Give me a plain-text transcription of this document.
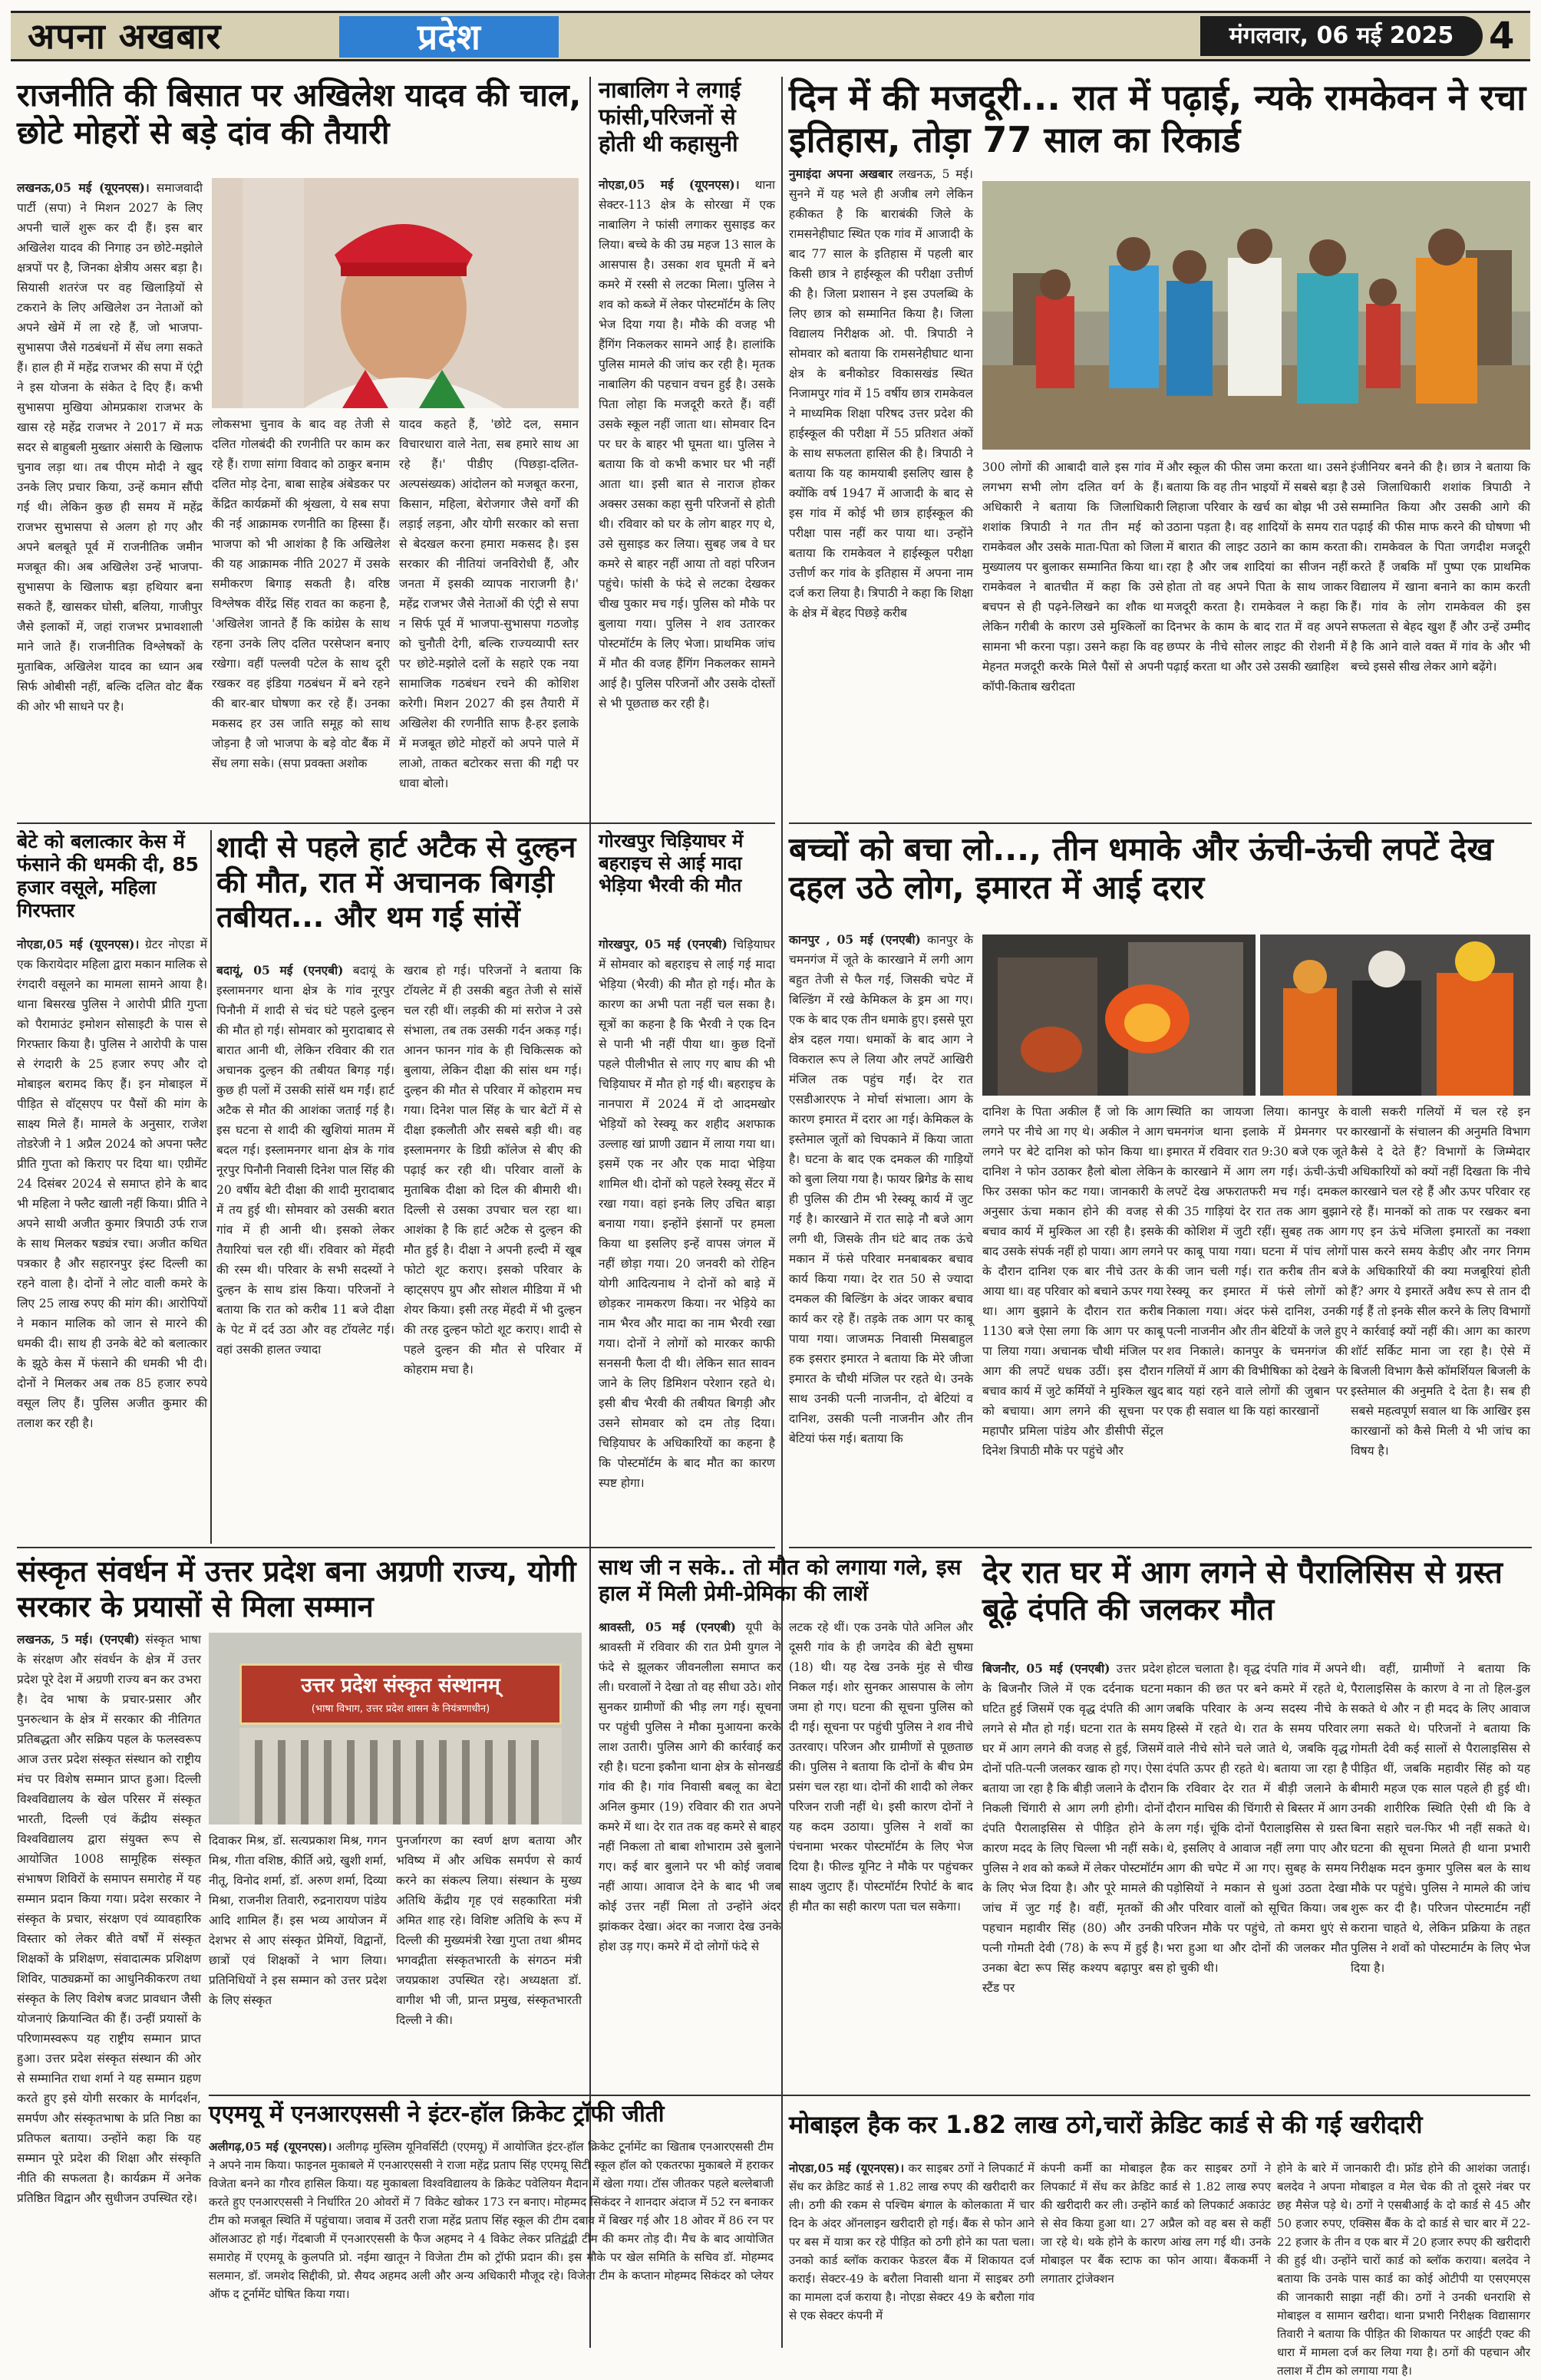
अपना अखबार	प्रदेश	मंगलवार, 06 मई 2025 4
राजनीति की बिसात पर अखिलेश यादव की चाल, छोटे मोहरों से बड़े दांव की तैयारी
लखनऊ,05 मई (यूएनएस)। समाजवादी पार्टी (सपा) ने मिशन 2027 के लिए अपनी चालें शुरू कर दी हैं। इस बार अखिलेश यादव की निगाह उन छोटे-मझोले क्षत्रपों पर है, जिनका क्षेत्रीय असर बड़ा है। सियासी शतरंज पर वह खिलाड़ियों से टकराने के लिए अखिलेश उन नेताओं को अपने खेमें में ला रहे हैं, जो भाजपा-सुभासपा जैसे गठबंधनों में सेंध लगा सकते हैं। हाल ही में महेंद्र राजभर की सपा में एंट्री ने इस योजना के संकेत दे दिए हैं। कभी सुभासपा मुखिया ओमप्रकाश राजभर के खास रहे महेंद्र राजभर ने 2017 में मऊ सदर से बाहुबली मुख्तार अंसारी के खिलाफ चुनाव लड़ा था। तब पीएम मोदी ने खुद उनके लिए प्रचार किया, उन्हें कमान सौंपी गई थी। लेकिन कुछ ही समय में महेंद्र राजभर सुभासपा से अलग हो गए और अपने बलबूते पूर्व में राजनीतिक जमीन मजबूत की। अब अखिलेश उन्हें भाजपा-सुभासपा के खिलाफ बड़ा हथियार बना सकते हैं, खासकर घोसी, बलिया, गाजीपुर जैसे इलाकों में, जहां राजभर प्रभावशाली माने जाते हैं। राजनीतिक विश्लेषकों के मुताबिक, अखिलेश यादव का ध्यान अब सिर्फ ओबीसी नहीं, बल्कि दलित वोट बैंक की ओर भी साधने पर है।
लोकसभा चुनाव के बाद वह तेजी से दलित गोलबंदी की रणनीति पर काम कर रहे हैं। राणा सांगा विवाद को ठाकुर बनाम दलित मोड़ देना, बाबा साहेब अंबेडकर पर केंद्रित कार्यक्रमों की श्रृंखला, ये सब सपा की नई आक्रामक रणनीति का हिस्सा हैं। भाजपा को भी आशंका है कि अखिलेश की यह आक्रामक नीति 2027 में उसके समीकरण बिगाड़ सकती है। वरिष्ठ विश्लेषक वीरेंद्र सिंह रावत का कहना है, 'अखिलेश जानते हैं कि कांग्रेस के साथ रहना उनके लिए दलित परसेप्शन बनाए रखेगा। वहीं पल्लवी पटेल के साथ दूरी रखकर वह इंडिया गठबंधन में बने रहने की बार-बार घोषणा कर रहे हैं। उनका मकसद हर उस जाति समूह को साथ जोड़ना है जो भाजपा के बड़े वोट बैंक में सेंध लगा सके। (सपा प्रवक्ता अशोक
यादव कहते हैं, 'छोटे दल, समान विचारधारा वाले नेता, सब हमारे साथ आ रहे हैं।' पीडीए (पिछड़ा-दलित-अल्पसंख्यक) आंदोलन को मजबूत करना, किसान, महिला, बेरोजगार जैसे वर्गों की लड़ाई लड़ना, और योगी सरकार को सत्ता से बेदखल करना हमारा मकसद है। इस सरकार की नीतियां जनविरोधी हैं, और जनता में इसकी व्यापक नाराजगी है।' महेंद्र राजभर जैसे नेताओं की एंट्री से सपा न सिर्फ पूर्व में भाजपा-सुभासपा गठजोड़ को चुनौती देगी, बल्कि राज्यव्यापी स्तर पर छोटे-मझोले दलों के सहारे एक नया सामाजिक गठबंधन रचने की कोशिश करेगी। मिशन 2027 की इस तैयारी में अखिलेश की रणनीति साफ है-हर इलाके में मजबूत छोटे मोहरों को अपने पाले में लाओ, ताकत बटोरकर सत्ता की गद्दी पर धावा बोलो।
नाबालिग ने लगाई फांसी,परिजनों से होती थी कहासुनी
नोएडा,05 मई (यूएनएस)। थाना सेक्टर-113 क्षेत्र के सोरखा में एक नाबालिग ने फांसी लगाकर सुसाइड कर लिया। बच्चे के की उम्र महज 13 साल के आसपास है। उसका शव घूमती में बने कमरे में रस्सी से लटका मिला। पुलिस ने शव को कब्जे में लेकर पोस्टमॉर्टम के लिए भेज दिया गया है। मौके की वजह भी हैंगिंग निकलकर सामने आई है। हालांकि पुलिस मामले की जांच कर रही है। मृतक नाबालिग की पहचान वचन हुई है। उसके पिता लोहा कि मजदूरी करते हैं। वहीं उसके स्कूल नहीं जाता था। सोमवार दिन पर घर के बाहर भी घूमता था। पुलिस ने बताया कि वो कभी कभार घर भी नहीं आता था। इसी बात से नाराज होकर अक्सर उसका कहा सुनी परिजनों से होती थी। रविवार को घर के लोग बाहर गए थे, उसे सुसाइड कर लिया। सुबह जब वे घर कमरे से बाहर नहीं आया तो वहां परिजन पहुंचे। फांसी के फंदे से लटका देखकर चीख पुकार मच गई। पुलिस को मौके पर बुलाया गया। पुलिस ने शव उतारकर पोस्टमॉर्टम के लिए भेजा। प्राथमिक जांच में मौत की वजह हैंगिंग निकलकर सामने आई है। पुलिस परिजनों और उसके दोस्तों से भी पूछताछ कर रही है।
दिन में की मजदूरी... रात में पढ़ाई, न्‍यके रामकेवन ने रचा इतिहास, तोड़ा 77 साल का रिकार्ड
नुमाइंदा अपना अखबार लखनऊ, 5 मई। सुनने में यह भले ही अजीब लगे लेकिन हकीकत है कि बाराबंकी जिले के रामसनेहीघाट स्थित एक गांव में आजादी के बाद 77 साल के इतिहास में पहली बार किसी छात्र ने हाईस्कूल की परीक्षा उत्तीर्ण की है। जिला प्रशासन ने इस उपलब्धि के लिए छात्र को सम्मानित किया है। जिला विद्यालय निरीक्षक ओ. पी. त्रिपाठी ने सोमवार को बताया कि रामसनेहीघाट थाना क्षेत्र के बनीकोडर विकासखंड स्थित निजामपुर गांव में 15 वर्षीय छात्र रामकेवल ने माध्यमिक शिक्षा परिषद उत्तर प्रदेश की हाईस्कूल की परीक्षा में 55 प्रतिशत अंकों के साथ सफलता हासिल की है। त्रिपाठी ने बताया कि यह कामयाबी इसलिए खास है क्योंकि वर्ष 1947 में आजादी के बाद से इस गांव में कोई भी छात्र हाईस्कूल की परीक्षा पास नहीं कर पाया था। उन्होंने बताया कि रामकेवल ने हाईस्कूल परीक्षा उत्तीर्ण कर गांव के इतिहास में अपना नाम दर्ज करा लिया है। त्रिपाठी ने कहा कि शिक्षा के क्षेत्र में बेहद पिछड़े करीब
300 लोगों की आबादी वाले इस गांव में लगभग सभी लोग दलित वर्ग के हैं। अधिकारी ने बताया कि जिलाधिकारी शशांक त्रिपाठी ने गत तीन मई को रामकेवल और उसके माता-पिता को जिला मुख्यालय पर बुलाकर सम्मानित किया था। रामकेवल ने बातचीत में कहा कि उसे बचपन से ही पढ़ने-लिखने का शौक था लेकिन गरीबी के कारण उसे मुश्किलों का सामना भी करना पड़ा। उसने कहा कि वह मेहनत मजदूरी करके मिले पैसों से अपनी कॉपी-किताब खरीदता
और स्कूल की फीस जमा करता था। उसने बताया कि वह तीन भाइयों में सबसे बड़ा है लिहाजा परिवार के खर्च का बोझ भी उसे उठाना पड़ता है। वह शादियों के समय रात में बारात की लाइट उठाने का काम करता रहा है और जब शादियां का सीजन नहीं होता तो वह अपने पिता के साथ जाकर मजदूरी करता है। रामकेवल ने कहा कि दिनभर के काम के बाद रात में वह अपने छप्पर के नीचे सोलर लाइट की रोशनी में पढ़ाई करता था और उसे उसकी ख्वाहिश
इंजीनियर बनने की है। छात्र ने बताया कि उसे जिलाधिकारी शशांक त्रिपाठी ने सम्मानित किया और उसकी आगे की पढ़ाई की फीस माफ करने की घोषणा भी की। रामकेवल के पिता जगदीश मजदूरी करते हैं जबकि माँ पुष्पा एक प्राथमिक विद्यालय में खाना बनाने का काम करती हैं। गांव के लोग रामकेवल की इस सफलता से बेहद खुश हैं और उन्हें उम्मीद है कि आने वाले वक्त में गांव के और भी बच्चे इससे सीख लेकर आगे बढ़ेंगे।
बेटे को बलात्कार केस में फंसाने की धमकी दी, 85 हजार वसूले, महिला गिरफ्तार
नोएडा,05 मई (यूएनएस)। ग्रेटर नोएडा में एक किरायेदार महिला द्वारा मकान मालिक से रंगदारी वसूलने का मामला सामने आया है। थाना बिसरख पुलिस ने आरोपी प्रीति गुप्ता को पैरामाउंट इमोशन सोसाइटी के पास से गिरफ्तार किया है। पुलिस ने आरोपी के पास से रंगदारी के 25 हजार रुपए और दो मोबाइल बरामद किए हैं। इन मोबाइल में पीड़ित से वॉट्सएप पर पैसों की मांग के साक्ष्य मिले हैं। मामले के अनुसार, राजेश तोडरेजी ने 1 अप्रैल 2024 को अपना फ्लैट प्रीति गुप्ता को किराए पर दिया था। एग्रीमेंट 24 दिसंबर 2024 से समाप्त होने के बाद भी महिला ने फ्लैट खाली नहीं किया। प्रीति ने अपने साथी अजीत कुमार त्रिपाठी उर्फ राज के साथ मिलकर षड्यंत्र रचा। अजीत कथित पत्रकार है और सहारनपुर इंस्ट दिल्ली का रहने वाला है। दोनों ने लोट वाली कमरे के लिए 25 लाख रुपए की मांग की। आरोपियों ने मकान मालिक को जान से मारने की धमकी दी। साथ ही उनके बेटे को बलात्कार के झूठे केस में फंसाने की धमकी भी दी। दोनों ने मिलकर अब तक 85 हजार रुपये वसूल लिए हैं। पुलिस अजीत कुमार की तलाश कर रही है।
शादी से पहले हार्ट अटैक से दुल्हन की मौत, रात में अचानक बिगड़ी तबीयत... और थम गई सांसें
बदायूं, 05 मई (एनएबी) बदायूं के इस्लामनगर थाना क्षेत्र के गांव नूरपुर पिनौनी में शादी से चंद घंटे पहले दुल्हन की मौत हो गई। सोमवार को मुरादाबाद से बारात आनी थी, लेकिन रविवार की रात अचानक दुल्हन की तबीयत बिगड़ गई। कुछ ही पलों में उसकी सांसें थम गईं। हार्ट अटैक से मौत की आशंका जताई गई है। इस घटना से शादी की खुशियां मातम में बदल गई। इस्लामनगर थाना क्षेत्र के गांव नूरपुर पिनौनी निवासी दिनेश पाल सिंह की 20 वर्षीय बेटी दीक्षा की शादी मुरादाबाद में तय हुई थी। सोमवार को उसकी बरात गांव में ही आनी थी। इसको लेकर तैयारियां चल रही थीं। रविवार को मेंहदी की रस्म थी। परिवार के सभी सदस्यों ने दुल्हन के साथ डांस किया। परिजनों ने बताया कि रात को करीब 11 बजे दीक्षा के पेट में दर्द उठा और वह टॉयलेट गई। वहां उसकी हालत ज्यादा
खराब हो गई। परिजनों ने बताया कि टॉयलेट में ही उसकी बहुत तेजी से सांसें चल रही थीं। लड़की की मां सरोज ने उसे संभाला, तब तक उसकी गर्दन अकड़ गई। आनन फानन गांव के ही चिकित्सक को बुलाया, लेकिन दीक्षा की सांस थम गई। दुल्हन की मौत से परिवार में कोहराम मच गया। दिनेश पाल सिंह के चार बेटों में से दीक्षा इकलौती और सबसे बड़ी थी। वह इस्लामनगर के डिग्री कॉलेज से बीए की पढ़ाई कर रही थी। परिवार वालों के मुताबिक दीक्षा को दिल की बीमारी थी। दिल्ली से उसका उपचार चल रहा था। आशंका है कि हार्ट अटैक से दुल्हन की मौत हुई है। दीक्षा ने अपनी हल्दी में खूब फोटो शूट कराए। इसको परिवार के व्हाट्सएप ग्रुप और सोशल मीडिया में भी शेयर किया। इसी तरह मेंहदी में भी दुल्हन की तरह दुल्हन फोटो शूट कराए। शादी से पहले दुल्हन की मौत से परिवार में कोहराम मचा है।
गोरखपुर चिड़ियाघर में बहराइच से आई मादा भेड़िया भैरवी की मौत
गोरखपुर, 05 मई (एनएबी) चिड़ियाघर में सोमवार को बहराइच से लाई गई मादा भेड़िया (भैरवी) की मौत हो गई। मौत के कारण का अभी पता नहीं चल सका है। सूत्रों का कहना है कि भैरवी ने एक दिन से पानी भी नहीं पीया था। कुछ दिनों पहले पीलीभीत से लाए गए बाघ की भी चिड़ियाघर में मौत हो गई थी। बहराइच के नानपारा में 2024 में दो आदमखोर भेड़ियों को रेस्क्यू कर शहीद अशफाक उल्लाह खां प्राणी उद्यान में लाया गया था। इसमें एक नर और एक मादा भेड़िया शामिल थी। दोनों को पहले रेस्क्यू सेंटर में रखा गया। वहां इनके लिए उचित बाड़ा बनाया गया। इन्होंने इंसानों पर हमला किया था इसलिए इन्हें वापस जंगल में नहीं छोड़ा गया। 20 जनवरी को रोहिन योगी आदित्यनाथ ने दोनों को बाड़े में छोड़कर नामकरण किया। नर भेड़िये का नाम भैरव और मादा का नाम भैरवी रखा गया। दोनों ने लोगों को मारकर काफी सनसनी फैला दी थी। लेकिन सात सावन जाने के लिए डिमिशन परेशान रहते थे। इसी बीच भैरवी की तबीयत बिगड़ी और उसने सोमवार को दम तोड़ दिया। चिड़ियाघर के अधिकारियों का कहना है कि पोस्टमॉर्टम के बाद मौत का कारण स्पष्ट होगा।
बच्चों को बचा लो..., तीन धमाके और ऊंची-ऊंची लपटें देख दहल उठे लोग, इमारत में आई दरार
कानपुर , 05 मई (एनएबी) कानपुर के चमनगंज में जूते के कारखाने में लगी आग बहुत तेजी से फैल गई, जिसकी चपेट में बिल्डिंग में रखे केमिकल के ड्रम आ गए। एक के बाद एक तीन धमाके हुए। इससे पूरा क्षेत्र दहल गया। धमाकों के बाद आग ने विकराल रूप ले लिया और लपटें आखिरी मंजिल तक पहुंच गईं। देर रात एसडीआरएफ ने मोर्चा संभाला। आग के कारण इमारत में दरार आ गई। केमिकल के इस्तेमाल जूतों को चिपकाने में किया जाता है। घटना के बाद एक दमकल की गाड़ियों को बुला लिया गया है। फायर ब्रिगेड के साथ ही पुलिस की टीम भी रेस्क्यू कार्य में जुट गई है। कारखाने में रात साढ़े नौ बजे आग लगी थी, जिसके तीन घंटे बाद तक ऊंचे मकान में फंसे परिवार मनबाबकर बचाव कार्य किया गया। देर रात 50 से ज्यादा दमकल की बिल्डिंग के अंदर जाकर बचाव कार्य कर रहे हैं। तड़के तक आग पर काबू पाया गया। जाजमऊ निवासी मिसबाहुल हक इसरार इमारत ने बताया कि मेरे जीजा इमारत के चौथी मंजिल पर रहते थे। उनके साथ उनकी पत्नी नाजनीन, दो बेटियां व दानिश, उसकी पत्नी नाजनीन और तीन बेटियां फंस गई। बताया कि
दानिश के पिता अकील हैं जो कि आग लगने पर नीचे आ गए थे। अकील ने आग लगने पर बेटे दानिश को फोन किया था। दानिश ने फोन उठाकर हैलो बोला लेकिन फिर उसका फोन कट गया। जानकारी के अनुसार ऊंचा मकान होने की वजह से बचाव कार्य में मुश्किल आ रही है। इसके बाद उसके संपर्क नहीं हो पाया। आग लगने के दौरान दानिश एक बार नीचे उतर के आया था। वह परिवार को बचाने ऊपर गया था। आग बुझाने के दौरान रात करीब 1130 बजे ऐसा लगा कि आग पर काबू पा लिया गया। अचानक चौथी मंजिल पर आग की लपटें धधक उठीं। इस दौरान बचाव कार्य में जुटे कर्मियों ने मुश्किल खुद को बचाया। आग लगने की सूचना पर महापौर प्रमिला पांडेय और डीसीपी सेंट्रल दिनेश त्रिपाठी मौके पर पहुंचे और
स्थिति का जायजा लिया। कानपुर के चमनगंज थाना इलाके में प्रेमनगर पर इमारत में रविवार रात 9:30 बजे एक जूते के कारखाने में आग लग गई। ऊंची-ऊंची लपटें देख अफरातफरी मच गई। दमकल की 35 गाड़ियां देर रात तक आग बुझाने की कोशिश में जुटी रहीं। सुबह तक आग पर काबू पाया गया। घटना में पांच लोगों की जान चली गई। रात करीब तीन बजे रेस्क्यू कर इमारत में फंसे लोगों को निकाला गया। अंदर फंसे दानिश, उनकी पत्नी नाजनीन और तीन बेटियों के जले हुए शव निकाले। कानपुर के चमनगंज की गलियों में आग की विभीषिका को देखने के बाद यहां रहने वाले लोगों की जुबान पर एक ही सवाल था कि यहां कारखानों
वाली सकरी गलियों में चल रहे इन कारखानों के संचालन की अनुमति विभाग कैसे दे देते हैं? विभागों के जिम्मेदार अधिकारियों को क्यों नहीं दिखता कि नीचे कारखाने चल रहे हैं और ऊपर परिवार रह रहे हैं। मानकों को ताक पर रखकर बना गए इन ऊंचे मंजिला इमारतों का नक्शा पास करने समय केडीए और नगर निगम के अधिकारियों की क्या मजबूरियां होती हैं? अगर ये इमारतें अवैध रूप से तान दी गई हैं तो इनके सील करने के लिए विभागों ने कार्रवाई क्यों नहीं की। आग का कारण शॉर्ट सर्किट माना जा रहा है। ऐसे में बिजली विभाग कैसे कॉमर्शियल बिजली के इस्तेमाल की अनुमति दे देता है। सब ही सबसे महत्वपूर्ण सवाल था कि आखिर इस कारखानों को कैसे मिली ये भी जांच का विषय है।
संस्कृत संवर्धन में उत्तर प्रदेश बना अग्रणी राज्य, योगी सरकार के प्रयासों से मिला सम्मान
लखनऊ, 5 मई। (एनएबी) संस्कृत भाषा के संरक्षण और संवर्धन के क्षेत्र में उत्तर प्रदेश पूरे देश में अग्रणी राज्य बन कर उभरा है। देव भाषा के प्रचार-प्रसार और पुनरुत्थान के क्षेत्र में सरकार की नीतिगत प्रतिबद्धता और सक्रिय पहल के फलस्वरूप आज उत्तर प्रदेश संस्कृत संस्थान को राष्ट्रीय मंच पर विशेष सम्मान प्राप्त हुआ। दिल्ली विश्वविद्यालय के खेल परिसर में संस्कृत भारती, दिल्ली एवं केंद्रीय संस्कृत विश्वविद्यालय द्वारा संयुक्त रूप से आयोजित 1008 सामूहिक संस्कृत संभाषण शिविरों के समापन समारोह में यह सम्मान प्रदान किया गया। प्रदेश सरकार ने संस्कृत के प्रचार, संरक्षण एवं व्यावहारिक विस्तार को लेकर बीते वर्षों में संस्कृत शिक्षकों के प्रशिक्षण, संवादात्मक प्रशिक्षण शिविर, पाठ्यक्रमों का आधुनिकीकरण तथा संस्कृत के लिए विशेष बजट प्रावधान जैसी योजनाएं क्रियान्वित की हैं। उन्हीं प्रयासों के परिणामस्वरूप यह राष्ट्रीय सम्मान प्राप्त हुआ। उत्तर प्रदेश संस्कृत संस्थान की ओर से सम्मानित राधा शर्मा ने यह सम्मान ग्रहण करते हुए इसे योगी सरकार के मार्गदर्शन, समर्पण और संस्कृतभाषा के प्रति निष्ठा का प्रतिफल बताया। उन्होंने कहा कि यह सम्मान पूरे प्रदेश की शिक्षा और संस्कृति नीति की सफलता है। कार्यक्रम में अनेक प्रतिष्ठित विद्वान और सुधीजन उपस्थित रहे।
उत्तर प्रदेश संस्कृत संस्थानम्
(भाषा विभाग, उत्तर प्रदेश शासन के नियंत्रणाधीन)
दिवाकर मिश्र, डॉ. सत्यप्रकाश मिश्र, गगन मिश्र, गीता वशिष्ठ, कीर्ति अग्रे, खुशी शर्मा, नीतू, विनोद शर्मा, डॉ. अरुण शर्मा, दिव्या मिश्रा, राजनीश तिवारी, रुद्रनारायण पांडेय आदि शामिल हैं। इस भव्य आयोजन में देशभर से आए संस्कृत प्रेमियों, विद्वानों, छात्रों एवं शिक्षकों ने भाग लिया। प्रतिनिधियों ने इस सम्मान को उत्तर प्रदेश के लिए संस्कृत
पुनर्जागरण का स्वर्ण क्षण बताया और भविष्य में और अधिक समर्पण से कार्य करने का संकल्प लिया। संस्थान के मुख्य अतिथि केंद्रीय गृह एवं सहकारिता मंत्री अमित शाह रहे। विशिष्ट अतिथि के रूप में दिल्ली की मुख्यमंत्री रेखा गुप्ता तथा श्रीमद भगवद्गीता संस्कृतभारती के संगठन मंत्री जयप्रकाश उपस्थित रहे। अध्यक्षता डॉ. वागीश भी जी, प्रान्त प्रमुख, संस्कृतभारती दिल्ली ने की।
साथ जी न सके.. तो मौत को लगाया गले, इस हाल में मिली प्रेमी-प्रेमिका की लाशें
श्रावस्ती, 05 मई (एनएबी) यूपी के श्रावस्ती में रविवार की रात प्रेमी युगल ने फंदे से झूलकर जीवनलीला समाप्त कर ली। घरवालों ने देखा तो वह सीधा उठे। शोर सुनकर ग्रामीणों की भीड़ लग गई। सूचना पर पहुंची पुलिस ने मौका मुआयना करके लाश उतारी। पुलिस आगे की कार्रवाई कर रही है। घटना इकौना थाना क्षेत्र के सोनखर्ड गांव की है। गांव निवासी बबलू का बेटा अनिल कुमार (19) रविवार की रात अपने कमरे में था। देर रात तक वह कमरे से बाहर नहीं निकला तो बाबा शोभाराम उसे बुलाने गए। कई बार बुलाने पर भी कोई जवाब नहीं आया। आवाज देने के बाद भी जब कोई उत्तर नहीं मिला तो उन्होंने अंदर झांककर देखा। अंदर का नजारा देख उनके होश उड़ गए। कमरे में दो लोगों फंदे से
लटक रहे थीं। एक उनके पोते अनिल और दूसरी गांव के ही जगदेव की बेटी सुषमा (18) थी। यह देख उनके मुंह से चीख निकल गई। शोर सुनकर आसपास के लोग जमा हो गए। घटना की सूचना पुलिस को दी गई। सूचना पर पहुंची पुलिस ने शव नीचे उतरवाए। परिजन और ग्रामीणों से पूछताछ की। पुलिस ने बताया कि दोनों के बीच प्रेम प्रसंग चल रहा था। दोनों की शादी को लेकर परिजन राजी नहीं थे। इसी कारण दोनों ने यह कदम उठाया। पुलिस ने शवों का पंचनामा भरकर पोस्टमॉर्टम के लिए भेज दिया है। फील्ड यूनिट ने मौके पर पहुंचकर साक्ष्य जुटाए हैं। पोस्टमॉर्टम रिपोर्ट के बाद ही मौत का सही कारण पता चल सकेगा।
देर रात घर में आग लगने से पैरालिसिस से ग्रस्त बूढ़े दंपति की जलकर मौत
बिजनौर, 05 मई (एनएबी) उत्तर प्रदेश के बिजनौर जिले में एक दर्दनाक घटना घटित हुई जिसमें एक वृद्ध दंपति की आग लगने से मौत हो गई। घटना रात के समय घर में आग लगने की वजह से हुई, जिसमें दोनों पति-पत्नी जलकर खाक हो गए। ऐसा बताया जा रहा है कि बीड़ी जलाने के दौरान निकली चिंगारी से आग लगी होगी। दोनों दंपति पैरालाइसिस से पीड़ित होने के कारण मदद के लिए चिल्ला भी नहीं सके। पुलिस ने शव को कब्जे में लेकर पोस्टमॉर्टम के लिए भेज दिया है। और पूरे मामले की जांच में जुट गई है। वहीं, मृतकों की पहचान महावीर सिंह (80) और उनकी पत्नी गोमती देवी (78) के रूप में हुई है। उनका बेटा रूप सिंह कश्यप बढ़ापुर बस स्टैंड पर
होटल चलाता है। वृद्ध दंपति गांव में अपने मकान की छत पर बने कमरे में रहते थे, जबकि परिवार के अन्य सदस्य नीचे के हिस्से में रहते थे। रात के समय परिवार वाले नीचे सोने चले जाते थे, जबकि वृद्ध दंपति ऊपर ही रहते थे। बताया जा रहा है कि रविवार देर रात में बीड़ी जलाने के दौरान माचिस की चिंगारी से बिस्तर में आग लग गई। चूंकि दोनों पैरालाइसिस से ग्रस्त थे, इसलिए वे आवाज नहीं लगा पाए और आग की चपेट में आ गए। सुबह के समय पड़ोसियों ने मकान से धुआं उठता देखा और परिवार वालों को सूचित किया। जब परिजन मौके पर पहुंचे, तो कमरा धुएं से भरा हुआ था और दोनों की जलकर मौत हो चुकी थी।
थी। वहीं, ग्रामीणों ने बताया कि पैरालाइसिस के कारण वे ना तो हिल-डुल सकते थे और न ही मदद के लिए आवाज लगा सकते थे। परिजनों ने बताया कि गोमती देवी कई सालों से पैरालाइसिस से पीड़ित थीं, जबकि महावीर सिंह को यह बीमारी महज एक साल पहले ही हुई थी। उनकी शारीरिक स्थिति ऐसी थी कि वे बिना सहारे चल-फिर भी नहीं सकते थे। घटना की सूचना मिलते ही थाना प्रभारी निरीक्षक मदन कुमार पुलिस बल के साथ मौके पर पहुंचे। पुलिस ने मामले की जांच शुरू कर दी है। परिजन पोस्टमार्टम नहीं कराना चाहते थे, लेकिन प्रक्रिया के तहत पुलिस ने शवों को पोस्टमार्टम के लिए भेज दिया है।
एएमयू में एनआरएससी ने इंटर-हॉल क्रिकेट ट्रॉफी जीती
अलीगढ़,05 मई (यूएनएस)। अलीगढ़ मुस्लिम यूनिवर्सिटी (एएमयू) में आयोजित इंटर-हॉल क्रिकेट टूर्नामेंट का खिताब एनआरएससी टीम ने अपने नाम किया। फाइनल मुकाबले में एनआरएससी ने राजा महेंद्र प्रताप सिंह एएमयू सिटी स्कूल हॉल को एकतरफा मुकाबले में हराकर विजेता बनने का गौरव हासिल किया। यह मुकाबला विश्वविद्यालय के क्रिकेट पवेलियन मैदान में खेला गया। टॉस जीतकर पहले बल्लेबाजी करते हुए एनआरएससी ने निर्धारित 20 ओवरों में 7 विकेट खोकर 173 रन बनाए। मोहम्मद सिकंदर ने शानदार अंदाज में 52 रन बनाकर टीम को मजबूत स्थिति में पहुंचाया। जवाब में उतरी राजा महेंद्र प्रताप सिंह स्कूल की टीम दबाव में बिखर गई और 18 ओवर में 86 रन पर ऑलआउट हो गई। गेंदबाजी में एनआरएससी के फैज अहमद ने 4 विकेट लेकर प्रतिद्वंद्वी टीम की कमर तोड़ दी। मैच के बाद आयोजित समारोह में एएमयू के कुलपति प्रो. नईमा खातून ने विजेता टीम को ट्रॉफी प्रदान की। इस मौके पर खेल समिति के सचिव डॉ. मोहम्मद सलमान, डॉ. जमशेद सिद्दीकी, प्रो. सैयद अहमद अली और अन्य अधिकारी मौजूद रहे। विजेता टीम के कप्तान मोहम्मद सिकंदर को प्लेयर ऑफ द टूर्नामेंट घोषित किया गया।
मोबाइल हैक कर 1.82 लाख ठगे,चारों क्रेडिट कार्ड से की गई खरीदारी
नोएडा,05 मई (यूएनएस)। कर साइबर ठगों ने लिपकार्ट में सेंध कर क्रेडिट कार्ड से 1.82 लाख रुपए की खरीदारी कर ली। ठगी की रकम से पश्चिम बंगाल के कोलकाता में चार दिन के अंदर ऑनलाइन खरीदारी हो गई। बैंक से फोन आने पर बस में यात्रा कर रहे पीड़ित को ठगी होने का पता चला। उनको कार्ड ब्लॉक कराकर फेडरल बैंक में शिकायत दर्ज कराई। सेक्टर-49 के बरौला निवासी थाना में साइबर ठगी का मामला दर्ज कराया है। नोएडा सेक्टर 49 के बरौला गांव से एक सेक्टर कंपनी में
कंपनी कर्मी का मोबाइल हैक कर साइबर ठगों ने लिपकार्ट में सेंध कर क्रेडिट कार्ड से 1.82 लाख रुपए की खरीदारी कर ली। उन्होंने कार्ड को लिपकार्ट अकाउंट से सेव किया हुआ था। 27 अप्रैल को वह बस से कहीं जा रहे थे। थके होने के कारण आंख लग गई थी। उनके मोबाइल पर बैंक स्टाफ का फोन आया। बैंककर्मी ने लगातार ट्रांजेक्शन
होने के बारे में जानकारी दी। फ्रॉड होने की आशंका जताई। बलदेव ने अपना मोबाइल व मेल चेक की तो दूसरे नंबर पर छह मैसेज पड़े थे। ठगों ने एसबीआई के दो कार्ड से 45 और 50 हजार रुपए, एक्सिस बैंक के दो कार्ड से चार बार में 22-22 हजार के तीन व एक बार में 20 हजार रुपए की खरीदारी की हुई थी। उन्होंने चारों कार्ड को ब्लॉक कराया। बलदेव ने बताया कि उनके पास कार्ड का कोई ओटीपी या एसएमएस की जानकारी साझा नहीं की। ठगों ने उनकी धनराशि से मोबाइल व सामान खरीदा। थाना प्रभारी निरीक्षक विद्यासागर तिवारी ने बताया कि पीड़ित की शिकायत पर आईटी एक्ट की धारा में मामला दर्ज कर लिया गया है। ठगों की पहचान और तलाश में टीम को लगाया गया है।
